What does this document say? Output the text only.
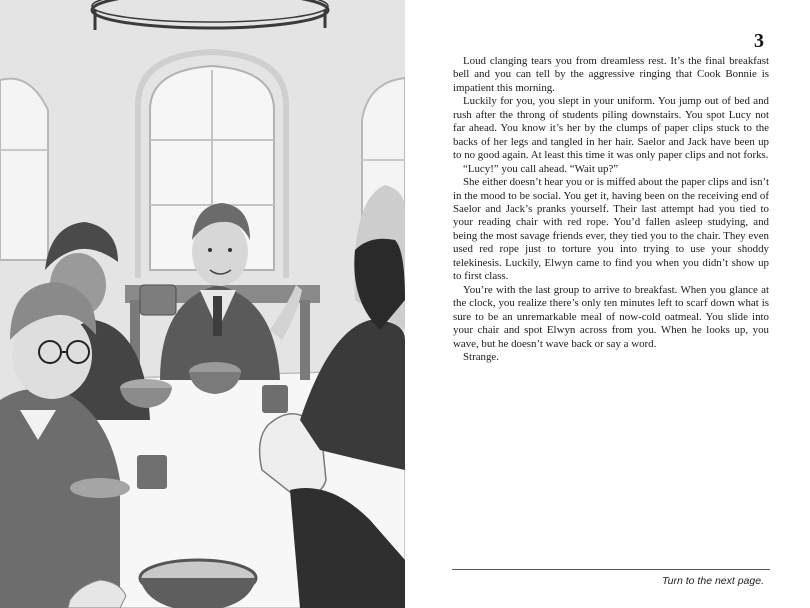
3

Loud clanging tears you from dreamless rest. It’s the final breakfast bell and you can tell by the aggressive ringing that Cook Bonnie is impatient this morning.

Luckily for you, you slept in your uniform. You jump out of bed and rush after the throng of students piling downstairs. You spot Lucy not far ahead. You know it’s her by the clumps of paper clips stuck to the backs of her legs and tangled in her hair. Saelor and Jack have been up to no good again. At least this time it was only paper clips and not forks.

“Lucy!” you call ahead. “Wait up?”

She either doesn’t hear you or is miffed about the paper clips and isn’t in the mood to be social. You get it, having been on the receiving end of Saelor and Jack’s pranks yourself. Their last attempt had you tied to your reading chair with red rope. You’d fallen asleep studying, and being the most savage friends ever, they tied you to the chair. They even used red rope just to torture you into trying to use your shoddy telekinesis. Luckily, Elwyn came to find you when you didn’t show up to first class.

You’re with the last group to arrive to breakfast. When you glance at the clock, you realize there’s only ten minutes left to scarf down what is sure to be an unremarkable meal of now-cold oatmeal. You slide into your chair and spot Elwyn across from you. When he looks up, you wave, but he doesn’t wave back or say a word.

Strange.

Turn to the next page.
